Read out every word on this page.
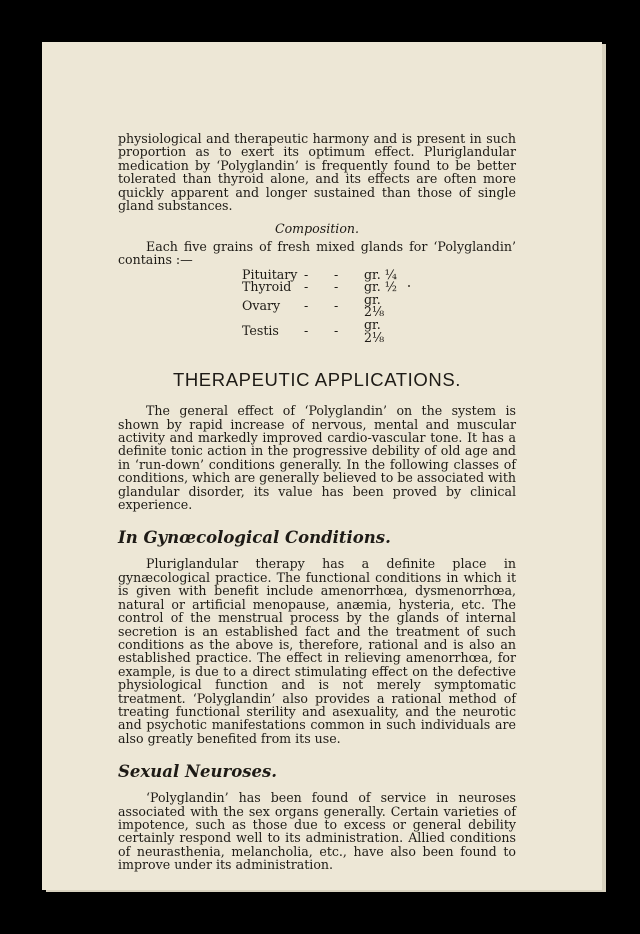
physiological and therapeutic harmony and is present in such proportion as to exert its optimum effect. Pluriglandular medication by ‘Polyglandin’ is frequently found to be better tolerated than thyroid alone, and its effects are often more quickly apparent and longer sustained than those of single gland substances.

Composition.

Each five grains of fresh mixed glands for ‘Polyglandin’ contains :—

Pituitary	-	-	gr. ¼
Thyroid	-	-	gr. ½
Ovary	-	-	gr. 2⅛
Testis	-	-	gr. 2⅛
THERAPEUTIC APPLICATIONS.

The general effect of ‘Polyglandin’ on the system is shown by rapid increase of nervous, mental and muscular activity and markedly improved cardio-vascular tone. It has a definite tonic action in the progressive debility of old age and in ‘run-down’ conditions generally. In the following classes of conditions, which are generally believed to be associated with glandular disorder, its value has been proved by clinical experience.

In Gynœcological Conditions.

Pluriglandular therapy has a definite place in gynæcological practice. The functional conditions in which it is given with benefit include amenorrhœa, dysmenorrhœa, natural or artificial menopause, anæmia, hysteria, etc. The control of the menstrual process by the glands of internal secretion is an established fact and the treatment of such conditions as the above is, therefore, rational and is also an established practice. The effect in relieving amenorrhœa, for example, is due to a direct stimulating effect on the defective physiological function and is not merely symptomatic treatment. ‘Polyglandin’ also provides a rational method of treating functional sterility and asexuality, and the neurotic and psychotic manifestations common in such individuals are also greatly benefited from its use.

Sexual Neuroses.

‘Polyglandin’ has been found of service in neuroses associated with the sex organs generally. Certain varieties of impotence, such as those due to excess or general debility certainly respond well to its administration. Allied conditions of neurasthenia, melancholia, etc., have also been found to improve under its administration.
